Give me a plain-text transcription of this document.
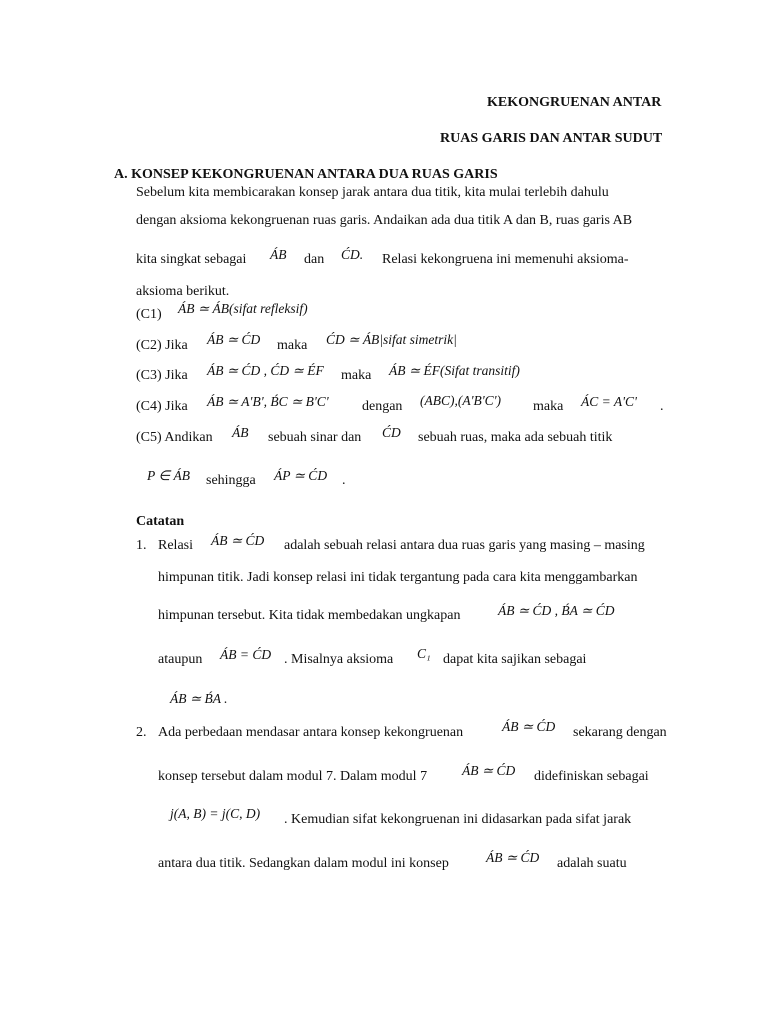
KEKONGRUENAN ANTAR
RUAS GARIS DAN ANTAR SUDUT
A. KONSEP KEKONGRUENAN ANTARA DUA RUAS GARIS
Sebelum kita membicarakan konsep jarak antara dua titik, kita mulai terlebih dahulu
dengan aksioma kekongruenan ruas garis. Andaikan ada dua titik A dan B, ruas garis AB
kita singkat sebagai ÁB dan ĆD. Relasi kekongruena ini memenuhi aksioma-
aksioma berikut.
(C1) ÁB ≃ ÁB(sifat refleksif)
(C2) Jika ÁB ≃ ĆD maka ĆD ≃ ÁB|sifat simetrik|
(C3) Jika ÁB ≃ ĆD , ĆD ≃ ÉF maka ÁB ≃ ÉF(Sifat transitif)
(C4) Jika ÁB ≃ A'B', B́C ≃ B'C' dengan (ABC),(A'B'C') maka ÁC = A'C' .
(C5) Andikan ÁB sebuah sinar dan ĆD sebuah ruas, maka ada sebuah titik
P ∈ ÁB sehingga ÁP ≃ ĆD .
Catatan
1. Relasi ÁB ≃ ĆD adalah sebuah relasi antara dua ruas garis yang masing – masing
himpunan titik. Jadi konsep relasi ini tidak tergantung pada cara kita menggambarkan
himpunan tersebut. Kita tidak membedakan ungkapan	ÁB ≃ ĆD , B́A ≃ ĆD
ataupun ÁB = ĆD . Misalnya aksioma C₁ dapat kita sajikan sebagai
ÁB ≃ B́A .
2. Ada perbedaan mendasar antara konsep kekongruenan	ÁB ≃ ĆD sekarang dengan
konsep tersebut dalam modul 7. Dalam modul 7	ÁB ≃ ĆD didefiniskan sebagai
j(A, B) = j(C, D) . Kemudian sifat kekongruenan ini didasarkan pada sifat jarak
antara dua titik. Sedangkan dalam modul ini konsep	ÁB ≃ ĆD adalah suatu
